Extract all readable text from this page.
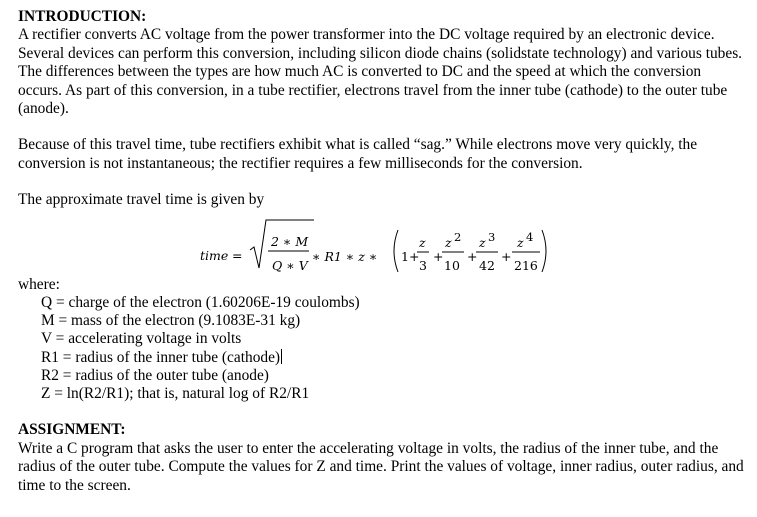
INTRODUCTION:

A rectifier converts AC voltage from the power transformer into the DC voltage required by an electronic device. Several devices can perform this conversion, including silicon diode chains (solidstate technology) and various tubes. The differences between the types are how much AC is converted to DC and the speed at which the conversion occurs. As part of this conversion, in a tube rectifier, electrons travel from the inner tube (cathode) to the outer tube (anode).

Because of this travel time, tube rectifiers exhibit what is called “sag.” While electrons move very quickly, the conversion is not instantaneous; the rectifier requires a few milliseconds for the conversion.

The approximate travel time is given by

time =
2 ∗ M
Q ∗ V
∗ R1 ∗ z ∗ 1 +
z
3
+
z 2
10
+
z 3
42
+
z 4
216
where:
Q = charge of the electron (1.60206E-19 coulombs)
M = mass of the electron (9.1083E-31 kg)
V = accelerating voltage in volts
R1 = radius of the inner tube (cathode)
R2 = radius of the outer tube (anode)
Z = ln(R2/R1); that is, natural log of R2/R1
ASSIGNMENT:

Write a C program that asks the user to enter the accelerating voltage in volts, the radius of the inner tube, and the radius of the outer tube. Compute the values for Z and time. Print the values of voltage, inner radius, outer radius, and time to the screen.
